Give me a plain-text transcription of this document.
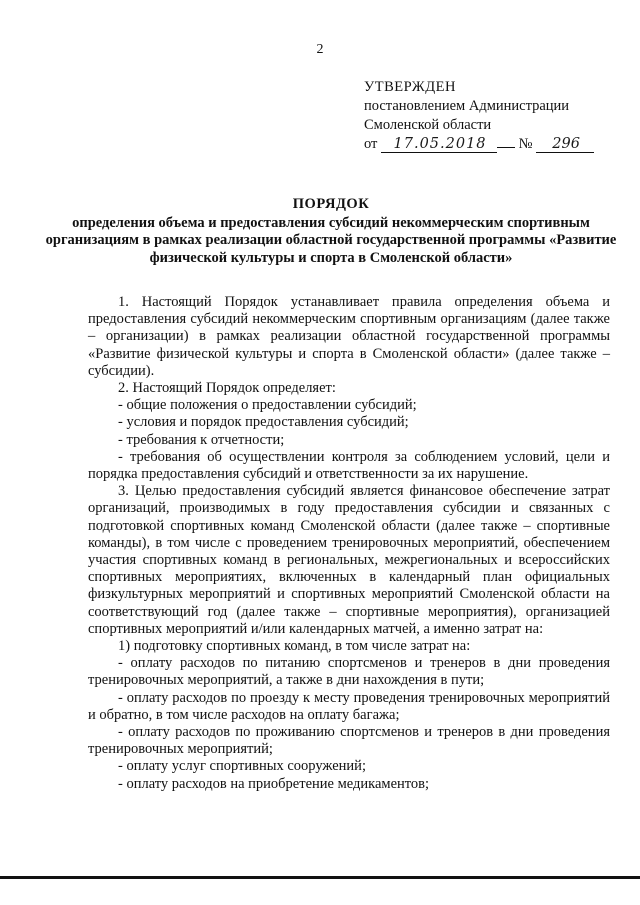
2
УТВЕРЖДЕН
постановлением Администрации
Смоленской области
от 17.05.2018 № 296
ПОРЯДОК
определения объема и предоставления субсидий некоммерческим спортивным организациям в рамках реализации областной государственной программы «Развитие физической культуры и спорта в Смоленской области»

1. Настоящий Порядок устанавливает правила определения объема и предоставления субсидий некоммерческим спортивным организациям (далее также – организации) в рамках реализации областной государственной программы «Развитие физической культуры и спорта в Смоленской области» (далее также – субсидии).

2. Настоящий Порядок определяет:

- общие положения о предоставлении субсидий;

- условия и порядок предоставления субсидий;

- требования к отчетности;

- требования об осуществлении контроля за соблюдением условий, цели и порядка предоставления субсидий и ответственности за их нарушение.

3. Целью предоставления субсидий является финансовое обеспечение затрат организаций, производимых в году предоставления субсидии и связанных с подготовкой спортивных команд Смоленской области (далее также – спортивные команды), в том числе с проведением тренировочных мероприятий, обеспечением участия спортивных команд в региональных, межрегиональных и всероссийских спортивных мероприятиях, включенных в календарный план официальных физкультурных мероприятий и спортивных мероприятий Смоленской области на соответствующий год (далее также – спортивные мероприятия), организацией спортивных мероприятий и/или календарных матчей, а именно затрат на:

1) подготовку спортивных команд, в том числе затрат на:

- оплату расходов по питанию спортсменов и тренеров в дни проведения тренировочных мероприятий, а также в дни нахождения в пути;

- оплату расходов по проезду к месту проведения тренировочных мероприятий и обратно, в том числе расходов на оплату багажа;

- оплату расходов по проживанию спортсменов и тренеров в дни проведения тренировочных мероприятий;

- оплату услуг спортивных сооружений;

- оплату расходов на приобретение медикаментов;
